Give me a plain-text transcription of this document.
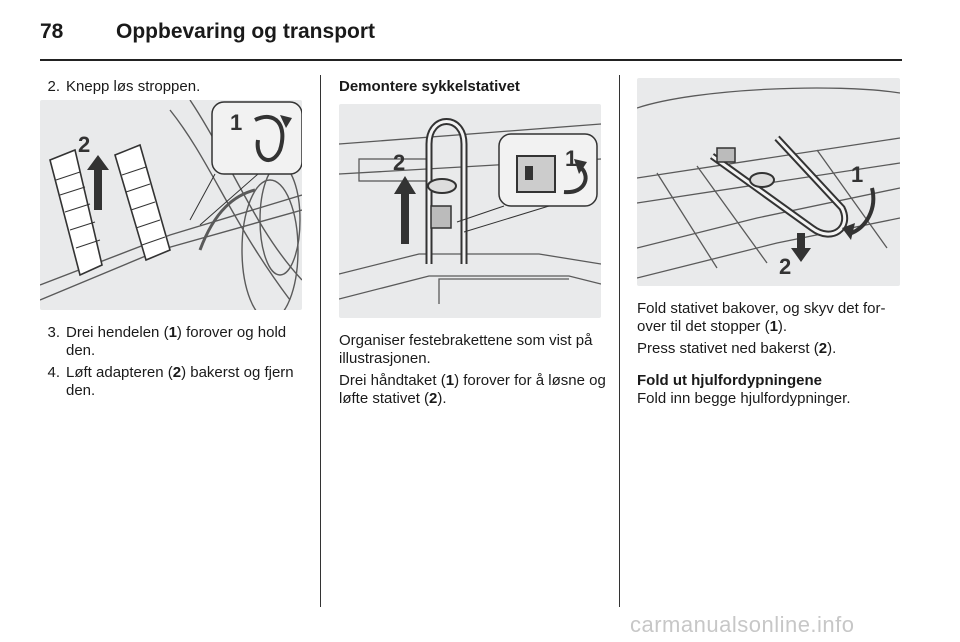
78	Oppbevaring og transport
2. Knepp løs stroppen.
1
2
3. Drei hendelen (1) forover og hold den.
4. Løft adapteren (2) bakerst og fjern den.

Demontere sykkelstativet

1
2

Organiser festebrakettene som vist på illustrasjonen.

Drei håndtaket (1) forover for å løsne og løfte stativet (2).

1
2

Fold stativet bakover, og skyv det for-over til det stopper (1).

Press stativet ned bakerst (2).

Fold ut hjulfordypningene

Fold inn begge hjulfordypninger.

carmanualsonline.info
